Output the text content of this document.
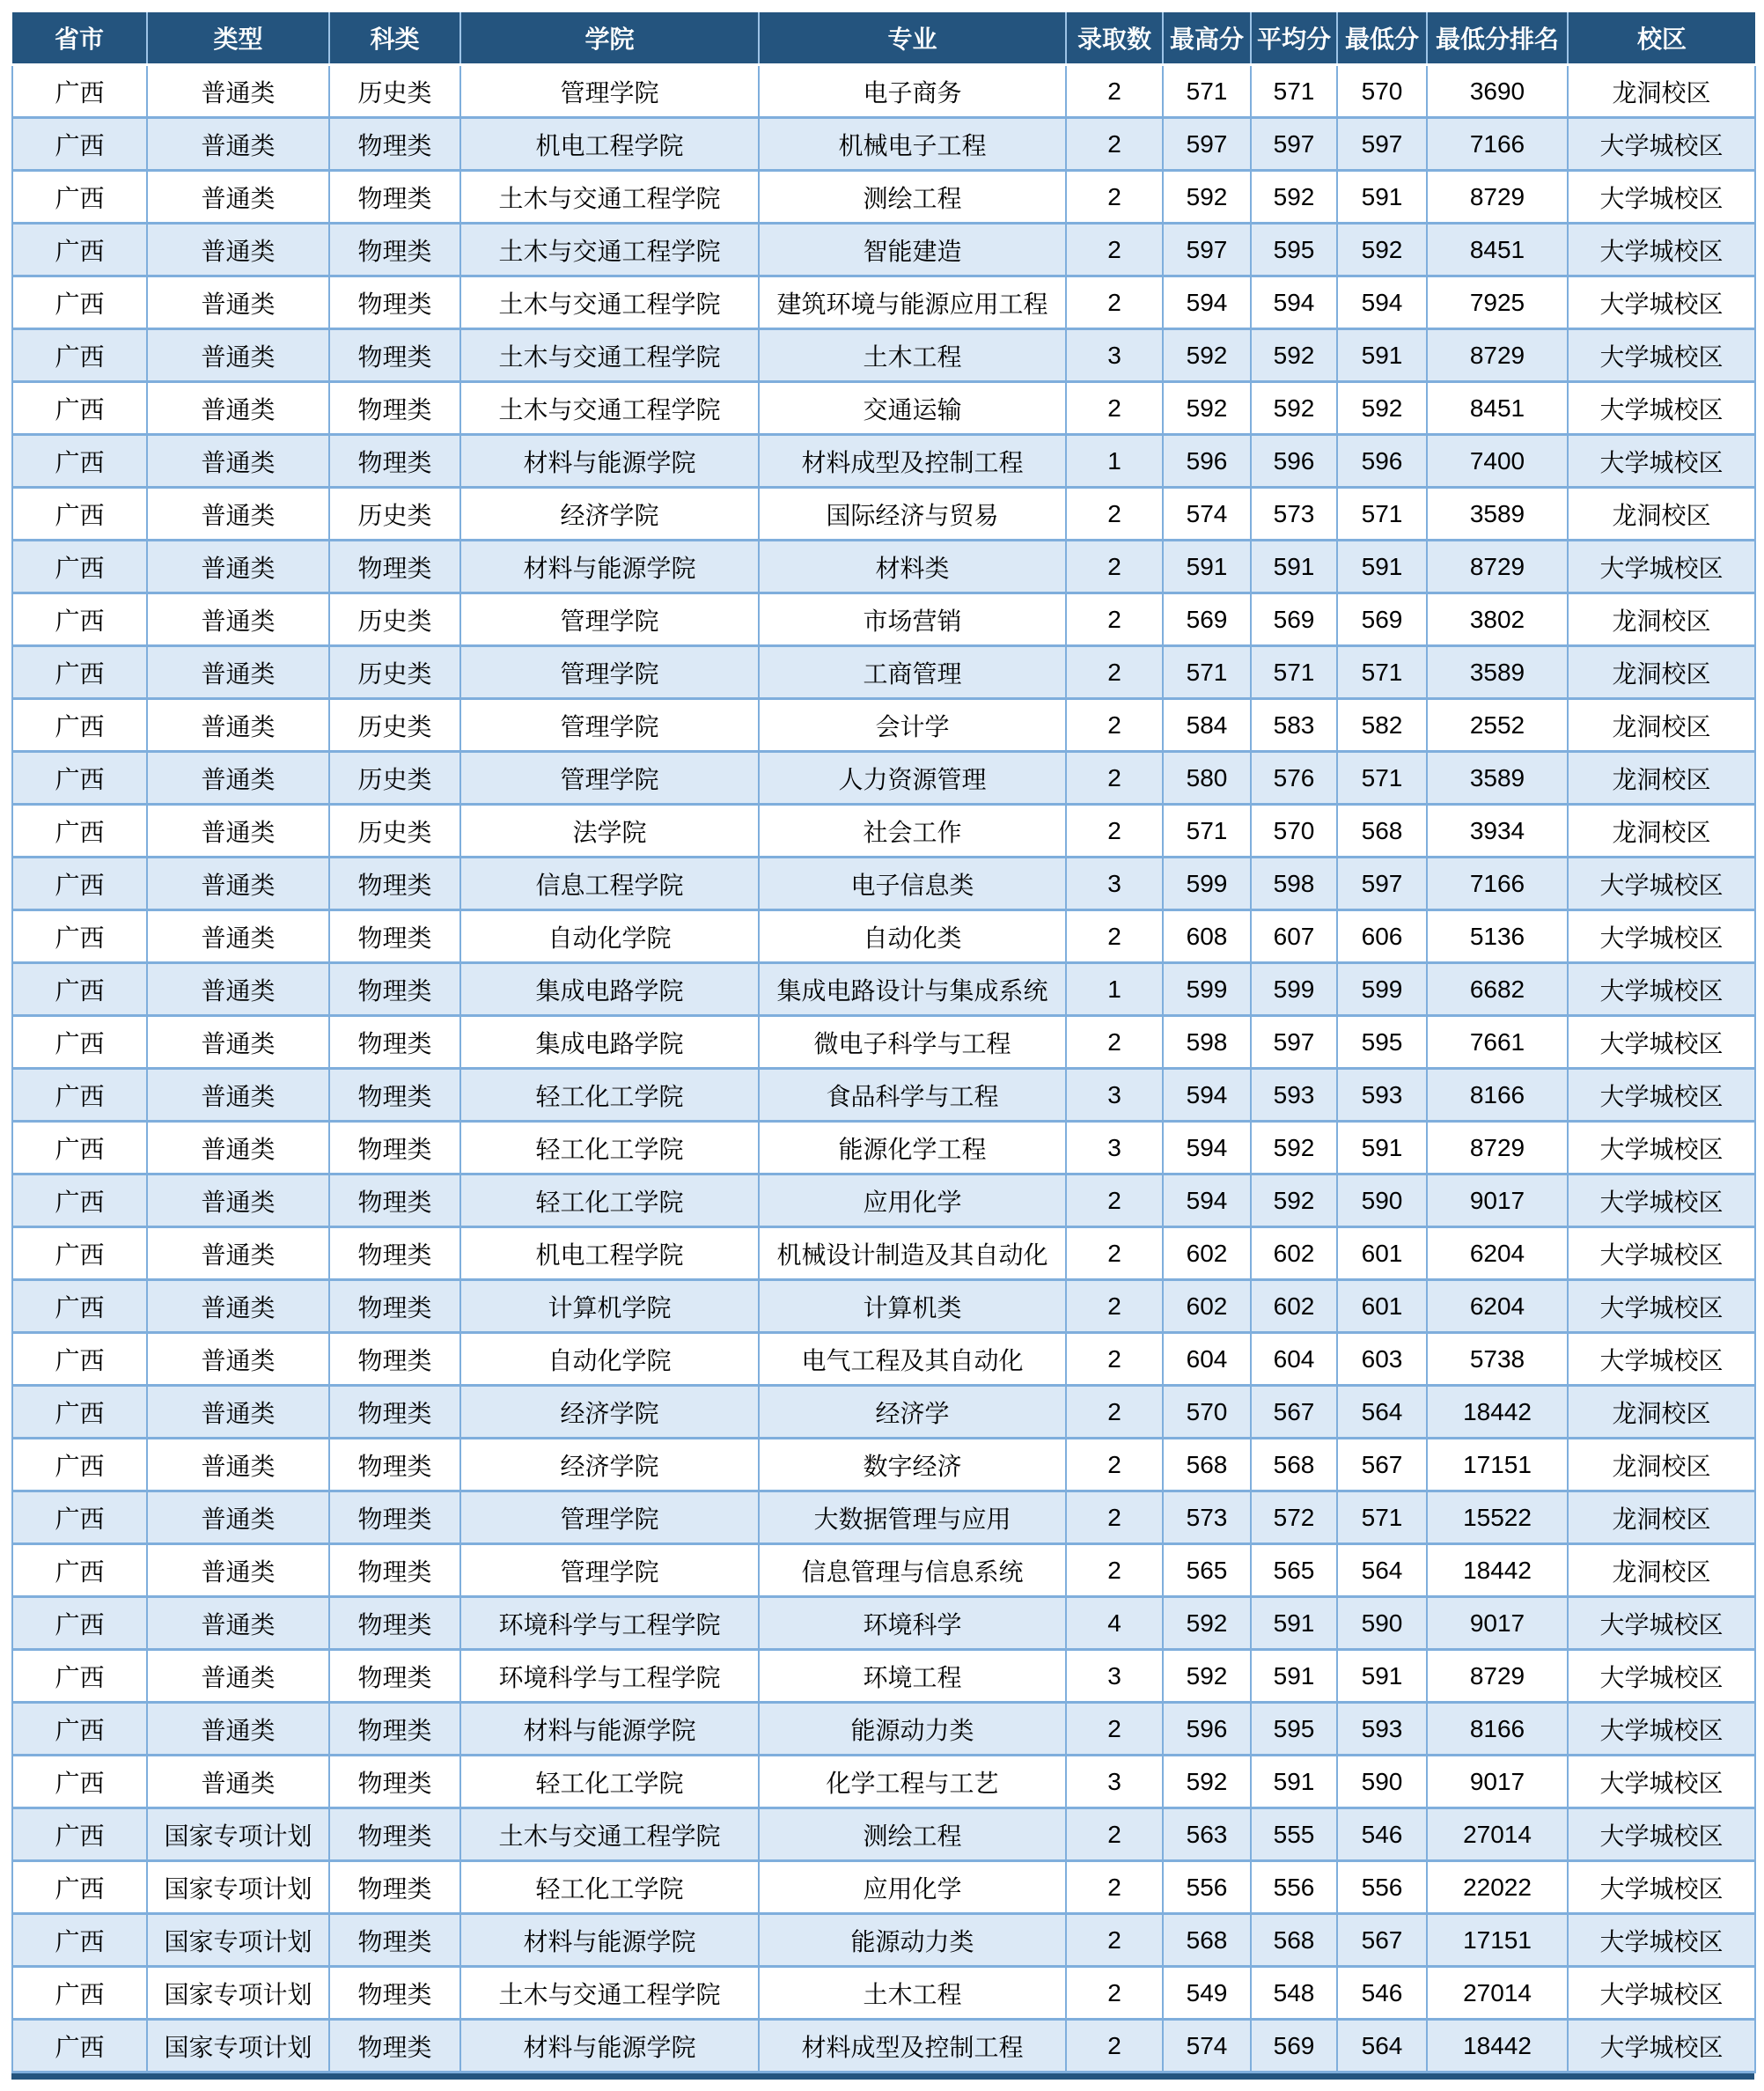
省市	类型	科类	学院	专业	录取数	最高分	平均分	最低分	最低分排名	校区
广西	普通类	历史类	管理学院	电子商务	2	571	571	570	3690	龙洞校区
广西	普通类	物理类	机电工程学院	机械电子工程	2	597	597	597	7166	大学城校区
广西	普通类	物理类	土木与交通工程学院	测绘工程	2	592	592	591	8729	大学城校区
广西	普通类	物理类	土木与交通工程学院	智能建造	2	597	595	592	8451	大学城校区
广西	普通类	物理类	土木与交通工程学院	建筑环境与能源应用工程	2	594	594	594	7925	大学城校区
广西	普通类	物理类	土木与交通工程学院	土木工程	3	592	592	591	8729	大学城校区
广西	普通类	物理类	土木与交通工程学院	交通运输	2	592	592	592	8451	大学城校区
广西	普通类	物理类	材料与能源学院	材料成型及控制工程	1	596	596	596	7400	大学城校区
广西	普通类	历史类	经济学院	国际经济与贸易	2	574	573	571	3589	龙洞校区
广西	普通类	物理类	材料与能源学院	材料类	2	591	591	591	8729	大学城校区
广西	普通类	历史类	管理学院	市场营销	2	569	569	569	3802	龙洞校区
广西	普通类	历史类	管理学院	工商管理	2	571	571	571	3589	龙洞校区
广西	普通类	历史类	管理学院	会计学	2	584	583	582	2552	龙洞校区
广西	普通类	历史类	管理学院	人力资源管理	2	580	576	571	3589	龙洞校区
广西	普通类	历史类	法学院	社会工作	2	571	570	568	3934	龙洞校区
广西	普通类	物理类	信息工程学院	电子信息类	3	599	598	597	7166	大学城校区
广西	普通类	物理类	自动化学院	自动化类	2	608	607	606	5136	大学城校区
广西	普通类	物理类	集成电路学院	集成电路设计与集成系统	1	599	599	599	6682	大学城校区
广西	普通类	物理类	集成电路学院	微电子科学与工程	2	598	597	595	7661	大学城校区
广西	普通类	物理类	轻工化工学院	食品科学与工程	3	594	593	593	8166	大学城校区
广西	普通类	物理类	轻工化工学院	能源化学工程	3	594	592	591	8729	大学城校区
广西	普通类	物理类	轻工化工学院	应用化学	2	594	592	590	9017	大学城校区
广西	普通类	物理类	机电工程学院	机械设计制造及其自动化	2	602	602	601	6204	大学城校区
广西	普通类	物理类	计算机学院	计算机类	2	602	602	601	6204	大学城校区
广西	普通类	物理类	自动化学院	电气工程及其自动化	2	604	604	603	5738	大学城校区
广西	普通类	物理类	经济学院	经济学	2	570	567	564	18442	龙洞校区
广西	普通类	物理类	经济学院	数字经济	2	568	568	567	17151	龙洞校区
广西	普通类	物理类	管理学院	大数据管理与应用	2	573	572	571	15522	龙洞校区
广西	普通类	物理类	管理学院	信息管理与信息系统	2	565	565	564	18442	龙洞校区
广西	普通类	物理类	环境科学与工程学院	环境科学	4	592	591	590	9017	大学城校区
广西	普通类	物理类	环境科学与工程学院	环境工程	3	592	591	591	8729	大学城校区
广西	普通类	物理类	材料与能源学院	能源动力类	2	596	595	593	8166	大学城校区
广西	普通类	物理类	轻工化工学院	化学工程与工艺	3	592	591	590	9017	大学城校区
广西	国家专项计划	物理类	土木与交通工程学院	测绘工程	2	563	555	546	27014	大学城校区
广西	国家专项计划	物理类	轻工化工学院	应用化学	2	556	556	556	22022	大学城校区
广西	国家专项计划	物理类	材料与能源学院	能源动力类	2	568	568	567	17151	大学城校区
广西	国家专项计划	物理类	土木与交通工程学院	土木工程	2	549	548	546	27014	大学城校区
广西	国家专项计划	物理类	材料与能源学院	材料成型及控制工程	2	574	569	564	18442	大学城校区
